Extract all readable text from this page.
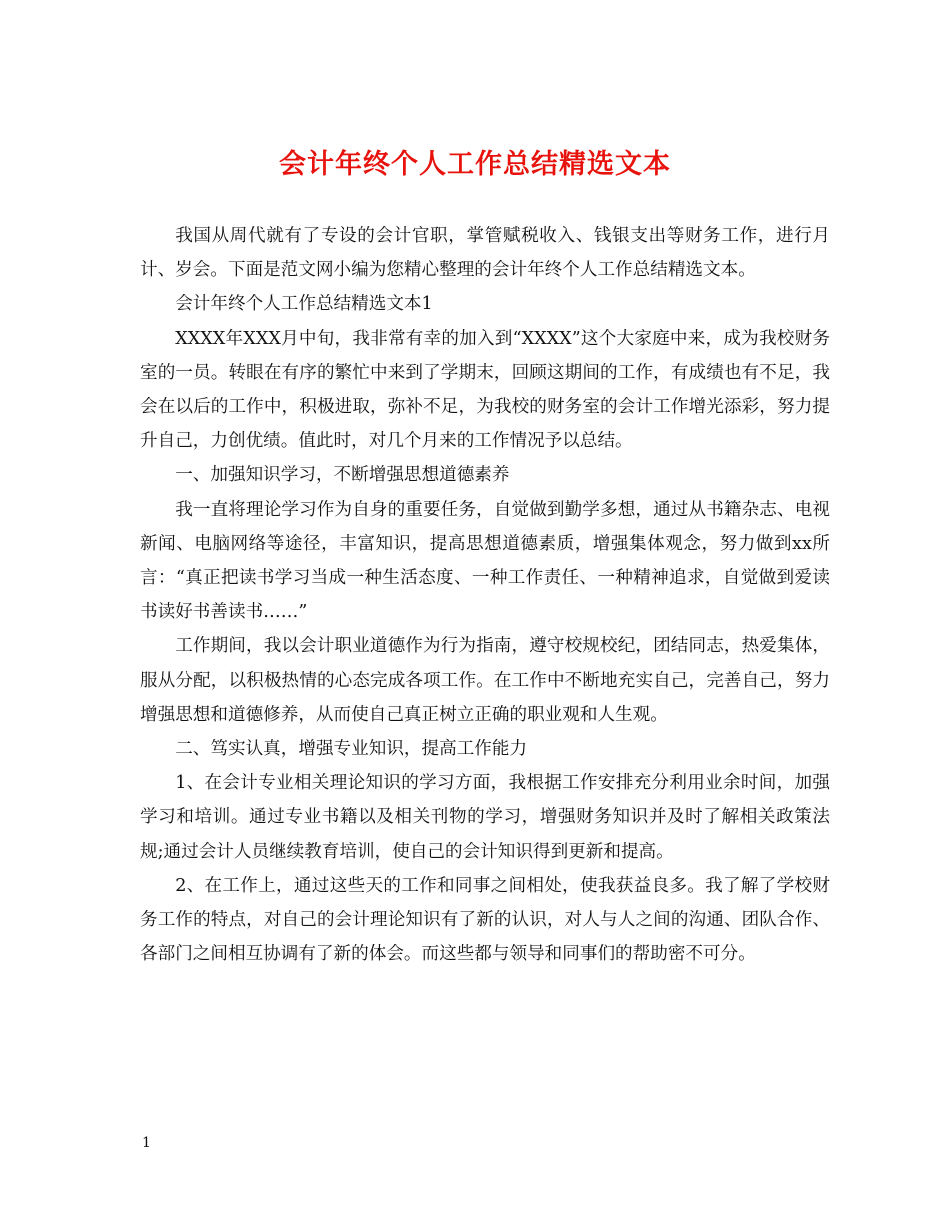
会计年终个人工作总结精选文本

我国从周代就有了专设的会计官职，掌管赋税收入、钱银支出等财务工作，进行月计、岁会。下面是范文网小编为您精心整理的会计年终个人工作总结精选文本。

会计年终个人工作总结精选文本1

XXXX年XXX月中旬，我非常有幸的加入到“XXXX”这个大家庭中来，成为我校财务室的一员。转眼在有序的繁忙中来到了学期末，回顾这期间的工作，有成绩也有不足，我会在以后的工作中，积极进取，弥补不足，为我校的财务室的会计工作增光添彩，努力提升自己，力创优绩。值此时，对几个月来的工作情况予以总结。

一、加强知识学习，不断增强思想道德素养

我一直将理论学习作为自身的重要任务，自觉做到勤学多想，通过从书籍杂志、电视新闻、电脑网络等途径，丰富知识，提高思想道德素质，增强集体观念，努力做到xx所言：“真正把读书学习当成一种生活态度、一种工作责任、一种精神追求，自觉做到爱读书读好书善读书……”

工作期间，我以会计职业道德作为行为指南，遵守校规校纪，团结同志，热爱集体，服从分配，以积极热情的心态完成各项工作。在工作中不断地充实自己，完善自己，努力增强思想和道德修养，从而使自己真正树立正确的职业观和人生观。

二、笃实认真，增强专业知识，提高工作能力

1、在会计专业相关理论知识的学习方面，我根据工作安排充分利用业余时间，加强学习和培训。通过专业书籍以及相关刊物的学习，增强财务知识并及时了解相关政策法规;通过会计人员继续教育培训，使自己的会计知识得到更新和提高。

2、在工作上，通过这些天的工作和同事之间相处，使我获益良多。我了解了学校财务工作的特点，对自己的会计理论知识有了新的认识，对人与人之间的沟通、团队合作、各部门之间相互协调有了新的体会。而这些都与领导和同事们的帮助密不可分。

1
